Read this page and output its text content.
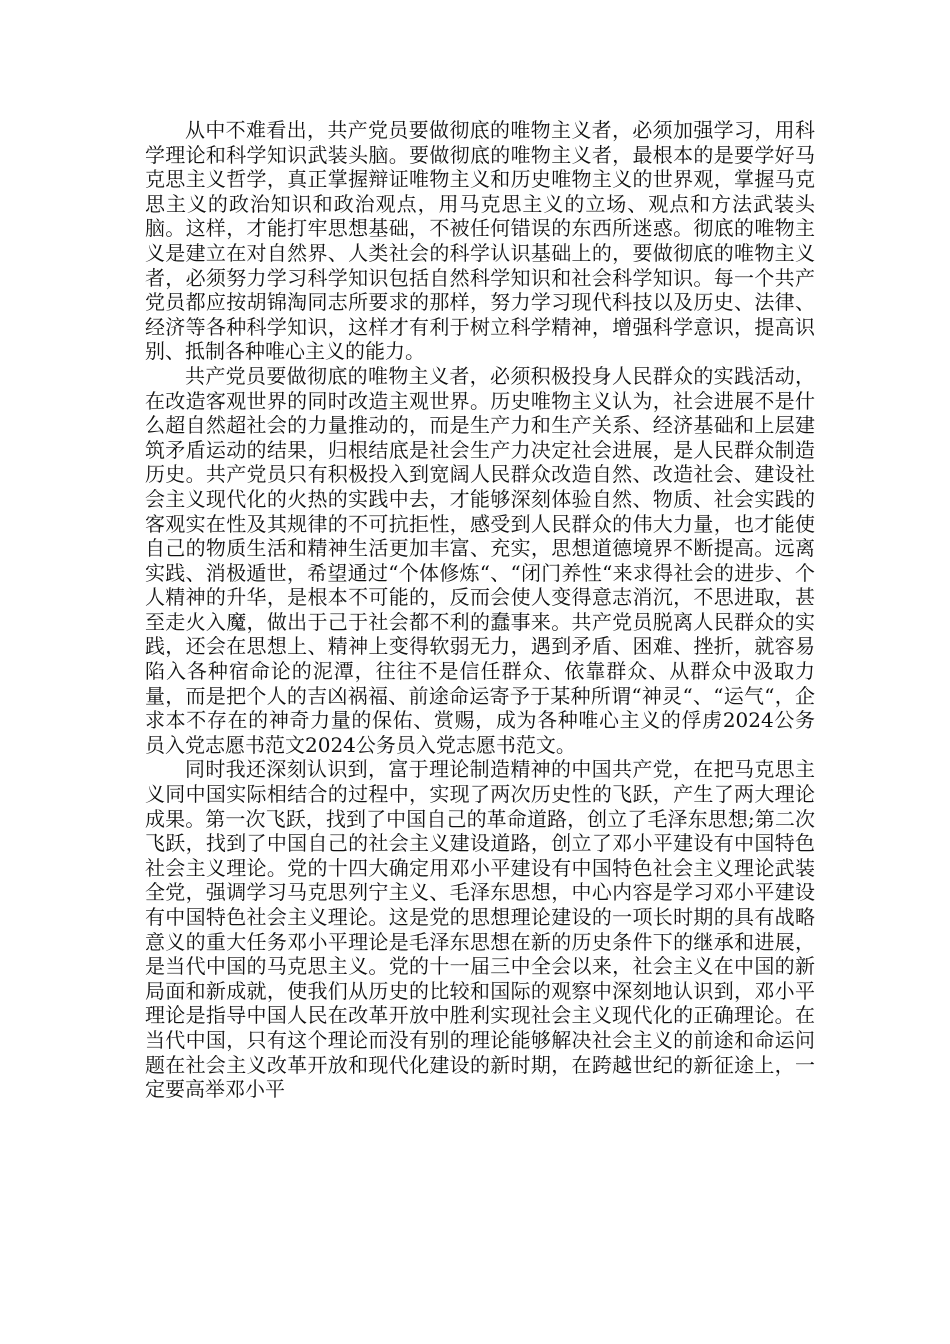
从中不难看出，共产党员要做彻底的唯物主义者，必须加强学习，用科学理论和科学知识武装头脑。要做彻底的唯物主义者，最根本的是要学好马克思主义哲学，真正掌握辩证唯物主义和历史唯物主义的世界观，掌握马克思主义的政治知识和政治观点，用马克思主义的立场、观点和方法武装头脑。这样，才能打牢思想基础，不被任何错误的东西所迷惑。彻底的唯物主义是建立在对自然界、人类社会的科学认识基础上的，要做彻底的唯物主义者，必须努力学习科学知识包括自然科学知识和社会科学知识。每一个共产党员都应按胡锦淘同志所要求的那样，努力学习现代科技以及历史、法律、经济等各种科学知识，这样才有利于树立科学精神，增强科学意识，提高识别、抵制各种唯心主义的能力。

共产党员要做彻底的唯物主义者，必须积极投身人民群众的实践活动，在改造客观世界的同时改造主观世界。历史唯物主义认为，社会进展不是什么超自然超社会的力量推动的，而是生产力和生产关系、经济基础和上层建筑矛盾运动的结果，归根结底是社会生产力决定社会进展，是人民群众制造历史。共产党员只有积极投入到宽阔人民群众改造自然、改造社会、建设社会主义现代化的火热的实践中去，才能够深刻体验自然、物质、社会实践的客观实在性及其规律的不可抗拒性，感受到人民群众的伟大力量，也才能使自己的物质生活和精神生活更加丰富、充实，思想道德境界不断提高。远离实践、消极遁世，希望通过“个体修炼“、“闭门养性“来求得社会的进步、个人精神的升华，是根本不可能的，反而会使人变得意志消沉，不思进取，甚至走火入魔，做出于己于社会都不利的蠢事来。共产党员脱离人民群众的实践，还会在思想上、精神上变得软弱无力，遇到矛盾、困难、挫折，就容易陷入各种宿命论的泥潭，往往不是信任群众、依靠群众、从群众中汲取力量，而是把个人的吉凶祸福、前途命运寄予于某种所谓“神灵“、“运气“，企求本不存在的神奇力量的保佑、赏赐，成为各种唯心主义的俘虏2024公务员入党志愿书范文2024公务员入党志愿书范文。

同时我还深刻认识到，富于理论制造精神的中国共产党，在把马克思主义同中国实际相结合的过程中，实现了两次历史性的飞跃，产生了两大理论成果。第一次飞跃，找到了中国自己的革命道路，创立了毛泽东思想;第二次飞跃，找到了中国自己的社会主义建设道路，创立了邓小平建设有中国特色社会主义理论。党的十四大确定用邓小平建设有中国特色社会主义理论武装全党，强调学习马克思列宁主义、毛泽东思想，中心内容是学习邓小平建设有中国特色社会主义理论。这是党的思想理论建设的一项长时期的具有战略意义的重大任务邓小平理论是毛泽东思想在新的历史条件下的继承和进展，是当代中国的马克思主义。党的十一届三中全会以来，社会主义在中国的新局面和新成就，使我们从历史的比较和国际的观察中深刻地认识到，邓小平理论是指导中国人民在改革开放中胜利实现社会主义现代化的正确理论。在当代中国，只有这个理论而没有别的理论能够解决社会主义的前途和命运问题在社会主义改革开放和现代化建设的新时期，在跨越世纪的新征途上，一定要高举邓小平
